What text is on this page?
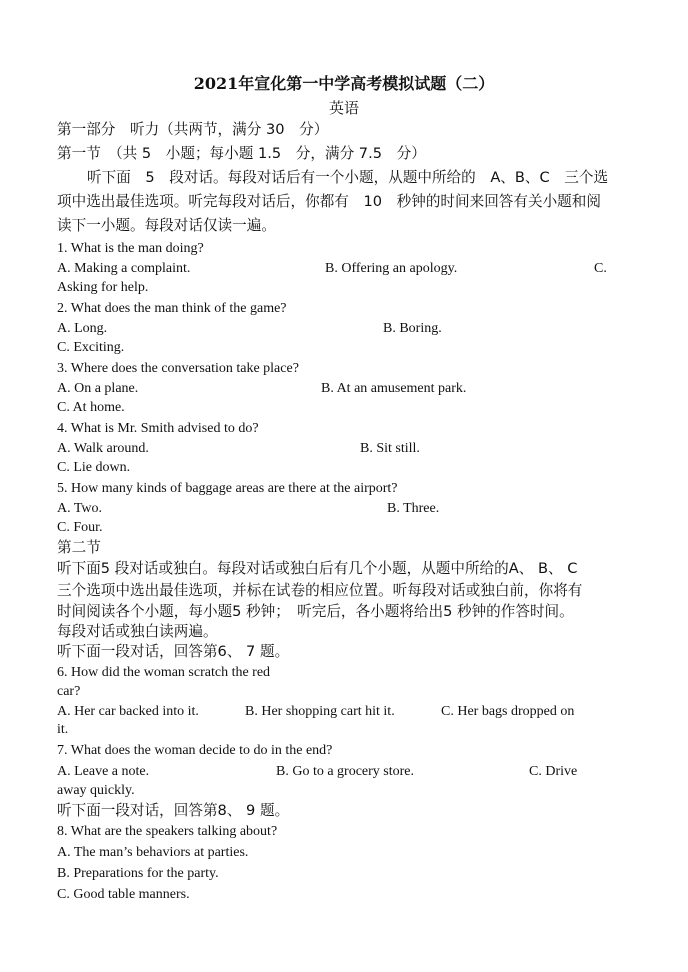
2021年宣化第一中学高考模拟试题（二）
英语
第一部分　听力（共两节，满分 30　分）
第一节　（共 5　小题；每小题 1.5　分，满分 7.5　分）
听下面　5　段对话。每段对话后有一个小题，从题中所给的　A、B、C　三个选
项中选出最佳选项。听完每段对话后，你都有　10　秒钟的时间来回答有关小题和阅
读下一小题。每段对话仅读一遍。
1. What is the man doing?
A. Making a complaint.	B. Offering an apology.	C.
Asking for help.
2. What does the man think of the game?
A. Long.	B. Boring.
C. Exciting.
3. Where does the conversation take place?
A. On a plane.	B. At an amusement park.
C. At home.
4. What is Mr. Smith advised to do?
A. Walk around.	B. Sit still.
C. Lie down.
5. How many kinds of baggage areas are there at the airport?
A. Two.	B. Three.
C. Four.
第二节
听下面5 段对话或独白。每段对话或独白后有几个小题，从题中所给的A、 B、 C
三个选项中选出最佳选项，并标在试卷的相应位置。听每段对话或独白前，你将有
时间阅读各个小题，每小题5 秒钟；　听完后，各小题将给出5 秒钟的作答时间。
每段对话或独白读两遍。
听下面一段对话，回答第6、 7 题。
6. How did the woman scratch the red
car?
A. Her car backed into it.	B. Her shopping cart hit it.	C. Her bags dropped on
it.
7. What does the woman decide to do in the end?
A. Leave a note.	B. Go to a grocery store.	C. Drive
away quickly.
听下面一段对话，回答第8、 9 题。
8. What are the speakers talking about?
A. The man’s behaviors at parties.
B. Preparations for the party.
C. Good table manners.
